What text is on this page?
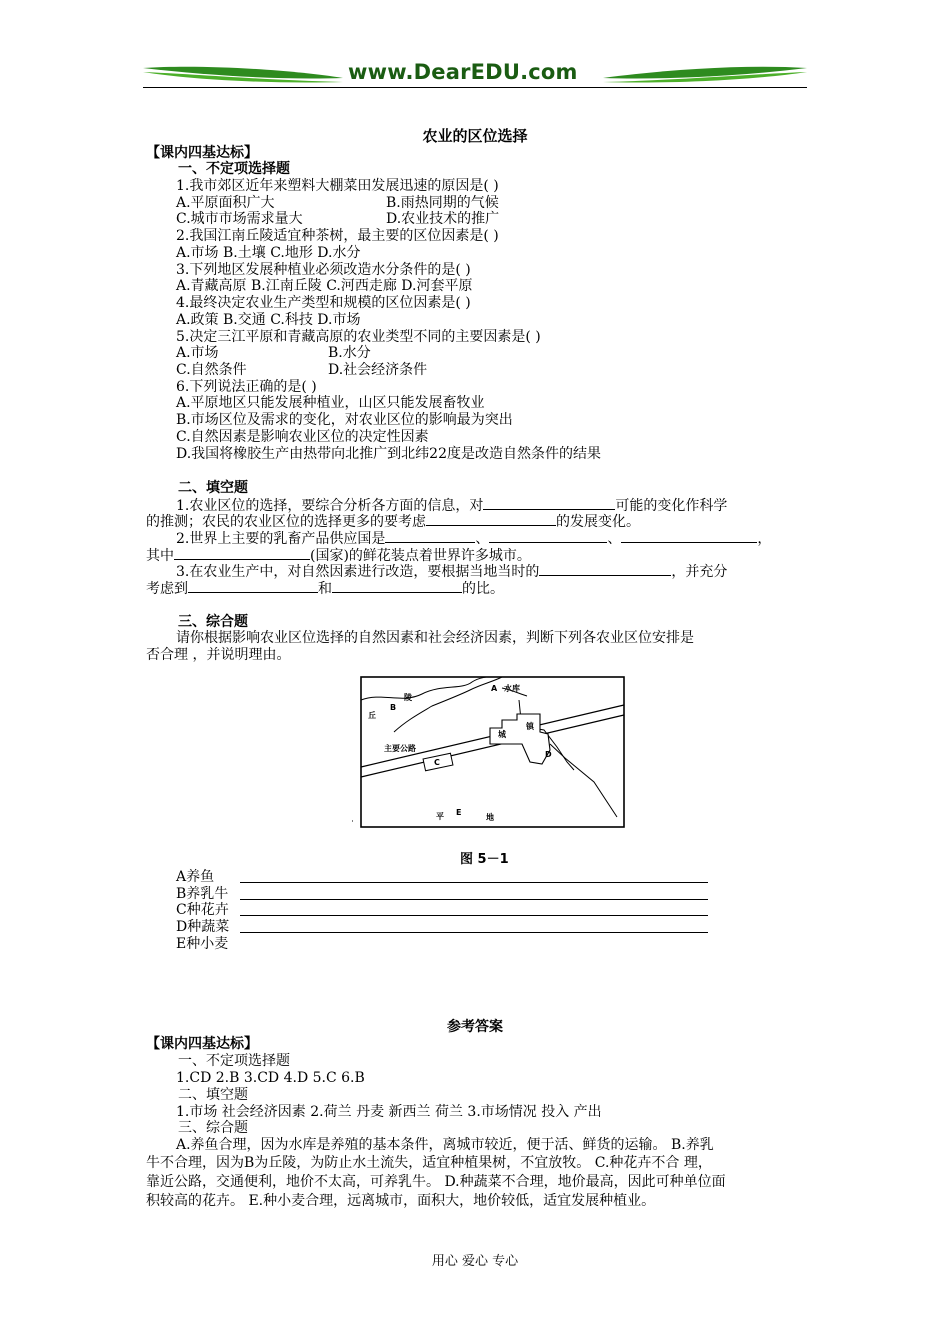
www.DearEDU.com
农业的区位选择
【课内四基达标】
一、不定项选择题
1.我市郊区近年来塑料大棚菜田发展迅速的原因是( )
A.平原面积广大	B.雨热同期的气候
C.城市市场需求量大	D.农业技术的推广
2.我国江南丘陵适宜种茶树，最主要的区位因素是( )
A.市场 B.土壤 C.地形 D.水分
3.下列地区发展种植业必须改造水分条件的是( )
A.青藏高原 B.江南丘陵 C.河西走廊 D.河套平原
4.最终决定农业生产类型和规模的区位因素是( )
A.政策 B.交通 C.科技 D.市场
5.决定三江平原和青藏高原的农业类型不同的主要因素是( )
A.市场	B.水分
C.自然条件	D.社会经济条件
6.下列说法正确的是( )
A.平原地区只能发展种植业，山区只能发展畜牧业
B.市场区位及需求的变化，对农业区位的影响最为突出
C.自然因素是影响农业区位的决定性因素
D.我国将橡胶生产由热带向北推广到北纬22度是改造自然条件的结果
二、填空题
1.农业区位的选择，要综合分析各方面的信息，对	可能的变化作科学
的推测；农民的农业区位的选择更多的要考虑	的发展变化。
2.世界上主要的乳畜产品供应国是	、	、	，
其中	(国家)的鲜花装点着世界许多城市。
3.在农业生产中，对自然因素进行改造，要根据当地当时的	，并充分
考虑到	和	的比。
三、综合题
请你根据影响农业区位选择的自然因素和社会经济因素，判断下列各农业区位安排是
否合理 ，并说明理由。
丘
B
陵
A 水库
城
镇
主要公路
C
D
平 E
地
图 5－1
A养鱼
B养乳牛
C种花卉
D种蔬菜
E种小麦
参考答案
【课内四基达标】
一、不定项选择题
1.CD 2.B 3.CD 4.D 5.C 6.B
二、填空题
1.市场 社会经济因素 2.荷兰 丹麦 新西兰 荷兰 3.市场情况 投入 产出
三、综合题
A.养鱼合理，因为水库是养殖的基本条件，离城市较近，便于活、鲜货的运输。 B.养乳
牛不合理，因为B为丘陵，为防止水土流失，适宜种植果树，不宜放牧。 C.种花卉不合 理，
靠近公路，交通便利，地价不太高，可养乳牛。 D.种蔬菜不合理，地价最高，因此可种单位面
积较高的花卉。 E.种小麦合理，远离城市，面积大，地价较低，适宜发展种植业。
用心 爱心 专心
